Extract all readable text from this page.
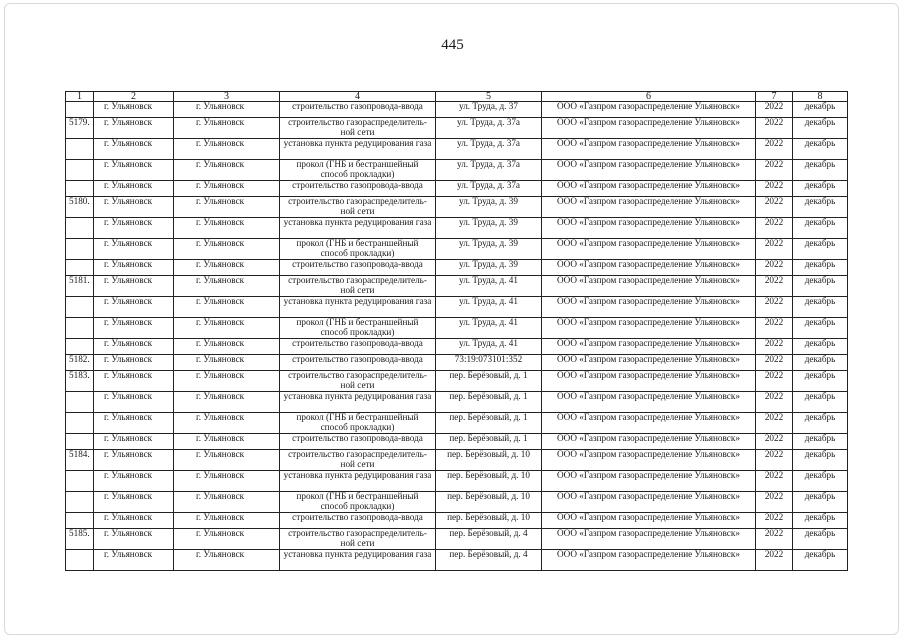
445
1	2	3	4	5	6	7	8
	г. Ульяновск	г. Ульяновск	строительство газопровода-ввода	ул. Труда, д. 37	ООО «Газпром газораспределение Ульяновск»	2022	декабрь
5179.	г. Ульяновск	г. Ульяновск	строительство газораспределитель-ной сети	ул. Труда, д. 37а	ООО «Газпром газораспределение Ульяновск»	2022	декабрь
	г. Ульяновск	г. Ульяновск	установка пункта редуцирования газа	ул. Труда, д. 37а	ООО «Газпром газораспределение Ульяновск»	2022	декабрь
	г. Ульяновск	г. Ульяновск	прокол (ГНБ и бестраншейный способ прокладки)	ул. Труда, д. 37а	ООО «Газпром газораспределение Ульяновск»	2022	декабрь
	г. Ульяновск	г. Ульяновск	строительство газопровода-ввода	ул. Труда, д. 37а	ООО «Газпром газораспределение Ульяновск»	2022	декабрь
5180.	г. Ульяновск	г. Ульяновск	строительство газораспределитель-ной сети	ул. Труда, д. 39	ООО «Газпром газораспределение Ульяновск»	2022	декабрь
	г. Ульяновск	г. Ульяновск	установка пункта редуцирования газа	ул. Труда, д. 39	ООО «Газпром газораспределение Ульяновск»	2022	декабрь
	г. Ульяновск	г. Ульяновск	прокол (ГНБ и бестраншейный способ прокладки)	ул. Труда, д. 39	ООО «Газпром газораспределение Ульяновск»	2022	декабрь
	г. Ульяновск	г. Ульяновск	строительство газопровода-ввода	ул. Труда, д. 39	ООО «Газпром газораспределение Ульяновск»	2022	декабрь
5181.	г. Ульяновск	г. Ульяновск	строительство газораспределитель-ной сети	ул. Труда, д. 41	ООО «Газпром газораспределение Ульяновск»	2022	декабрь
	г. Ульяновск	г. Ульяновск	установка пункта редуцирования газа	ул. Труда, д. 41	ООО «Газпром газораспределение Ульяновск»	2022	декабрь
	г. Ульяновск	г. Ульяновск	прокол (ГНБ и бестраншейный способ прокладки)	ул. Труда, д. 41	ООО «Газпром газораспределение Ульяновск»	2022	декабрь
	г. Ульяновск	г. Ульяновск	строительство газопровода-ввода	ул. Труда, д. 41	ООО «Газпром газораспределение Ульяновск»	2022	декабрь
5182.	г. Ульяновск	г. Ульяновск	строительство газопровода-ввода	73:19:073101:352	ООО «Газпром газораспределение Ульяновск»	2022	декабрь
5183.	г. Ульяновск	г. Ульяновск	строительство газораспределитель-ной сети	пер. Берёзовый, д. 1	ООО «Газпром газораспределение Ульяновск»	2022	декабрь
	г. Ульяновск	г. Ульяновск	установка пункта редуцирования газа	пер. Берёзовый, д. 1	ООО «Газпром газораспределение Ульяновск»	2022	декабрь
	г. Ульяновск	г. Ульяновск	прокол (ГНБ и бестраншейный способ прокладки)	пер. Берёзовый, д. 1	ООО «Газпром газораспределение Ульяновск»	2022	декабрь
	г. Ульяновск	г. Ульяновск	строительство газопровода-ввода	пер. Берёзовый, д. 1	ООО «Газпром газораспределение Ульяновск»	2022	декабрь
5184.	г. Ульяновск	г. Ульяновск	строительство газораспределитель-ной сети	пер. Берёзовый, д. 10	ООО «Газпром газораспределение Ульяновск»	2022	декабрь
	г. Ульяновск	г. Ульяновск	установка пункта редуцирования газа	пер. Берёзовый, д. 10	ООО «Газпром газораспределение Ульяновск»	2022	декабрь
	г. Ульяновск	г. Ульяновск	прокол (ГНБ и бестраншейный способ прокладки)	пер. Берёзовый, д. 10	ООО «Газпром газораспределение Ульяновск»	2022	декабрь
	г. Ульяновск	г. Ульяновск	строительство газопровода-ввода	пер. Берёзовый, д. 10	ООО «Газпром газораспределение Ульяновск»	2022	декабрь
5185.	г. Ульяновск	г. Ульяновск	строительство газораспределитель-ной сети	пер. Берёзовый, д. 4	ООО «Газпром газораспределение Ульяновск»	2022	декабрь
	г. Ульяновск	г. Ульяновск	установка пункта редуцирования газа	пер. Берёзовый, д. 4	ООО «Газпром газораспределение Ульяновск»	2022	декабрь
